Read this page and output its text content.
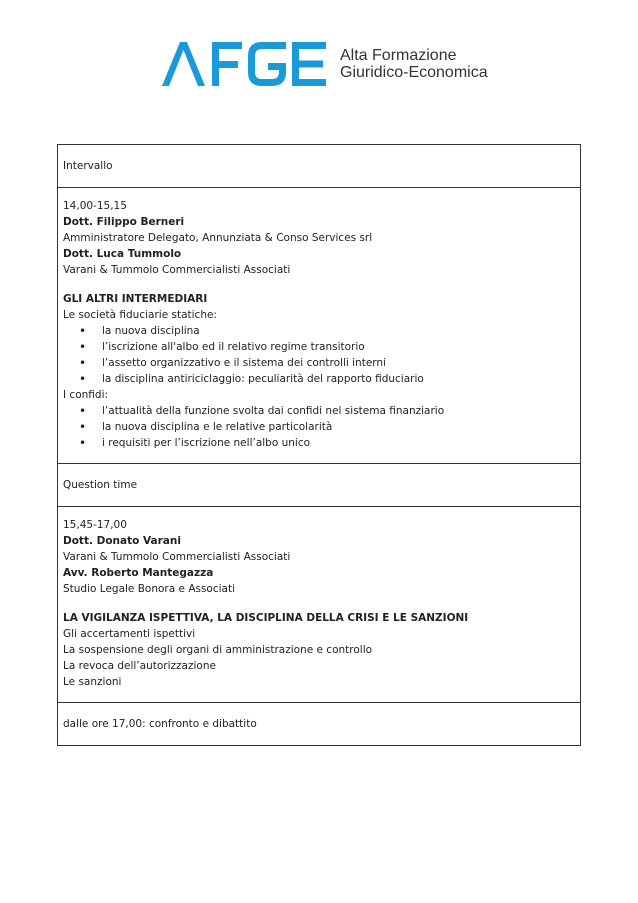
Alta Formazione
Giuridico-Economica
Intervallo

14,00-15,15
Dott. Filippo Berneri
Amministratore Delegato, Annunziata & Conso Services srl
Dott. Luca Tummolo
Varani & Tummolo Commercialisti Associati
GLI ALTRI INTERMEDIARI
Le società fiduciarie statiche:
• la nuova disciplina
• l’iscrizione all'albo ed il relativo regime transitorio
• l’assetto organizzativo e il sistema dei controlli interni
• la disciplina antiriciclaggio: peculiarità del rapporto fiduciario
I confidi:
• l’attualità della funzione svolta dai confidi nel sistema finanziario
• la nuova disciplina e le relative particolarità
• i requisiti per l’iscrizione nell’albo unico

Question time

15,45-17,00
Dott. Donato Varani
Varani & Tummolo Commercialisti Associati
Avv. Roberto Mantegazza
Studio Legale Bonora e Associati
LA VIGILANZA ISPETTIVA, LA DISCIPLINA DELLA CRISI E LE SANZIONI
Gli accertamenti ispettivi
La sospensione degli organi di amministrazione e controllo
La revoca dell’autorizzazione
Le sanzioni

dalle ore 17,00: confronto e dibattito
